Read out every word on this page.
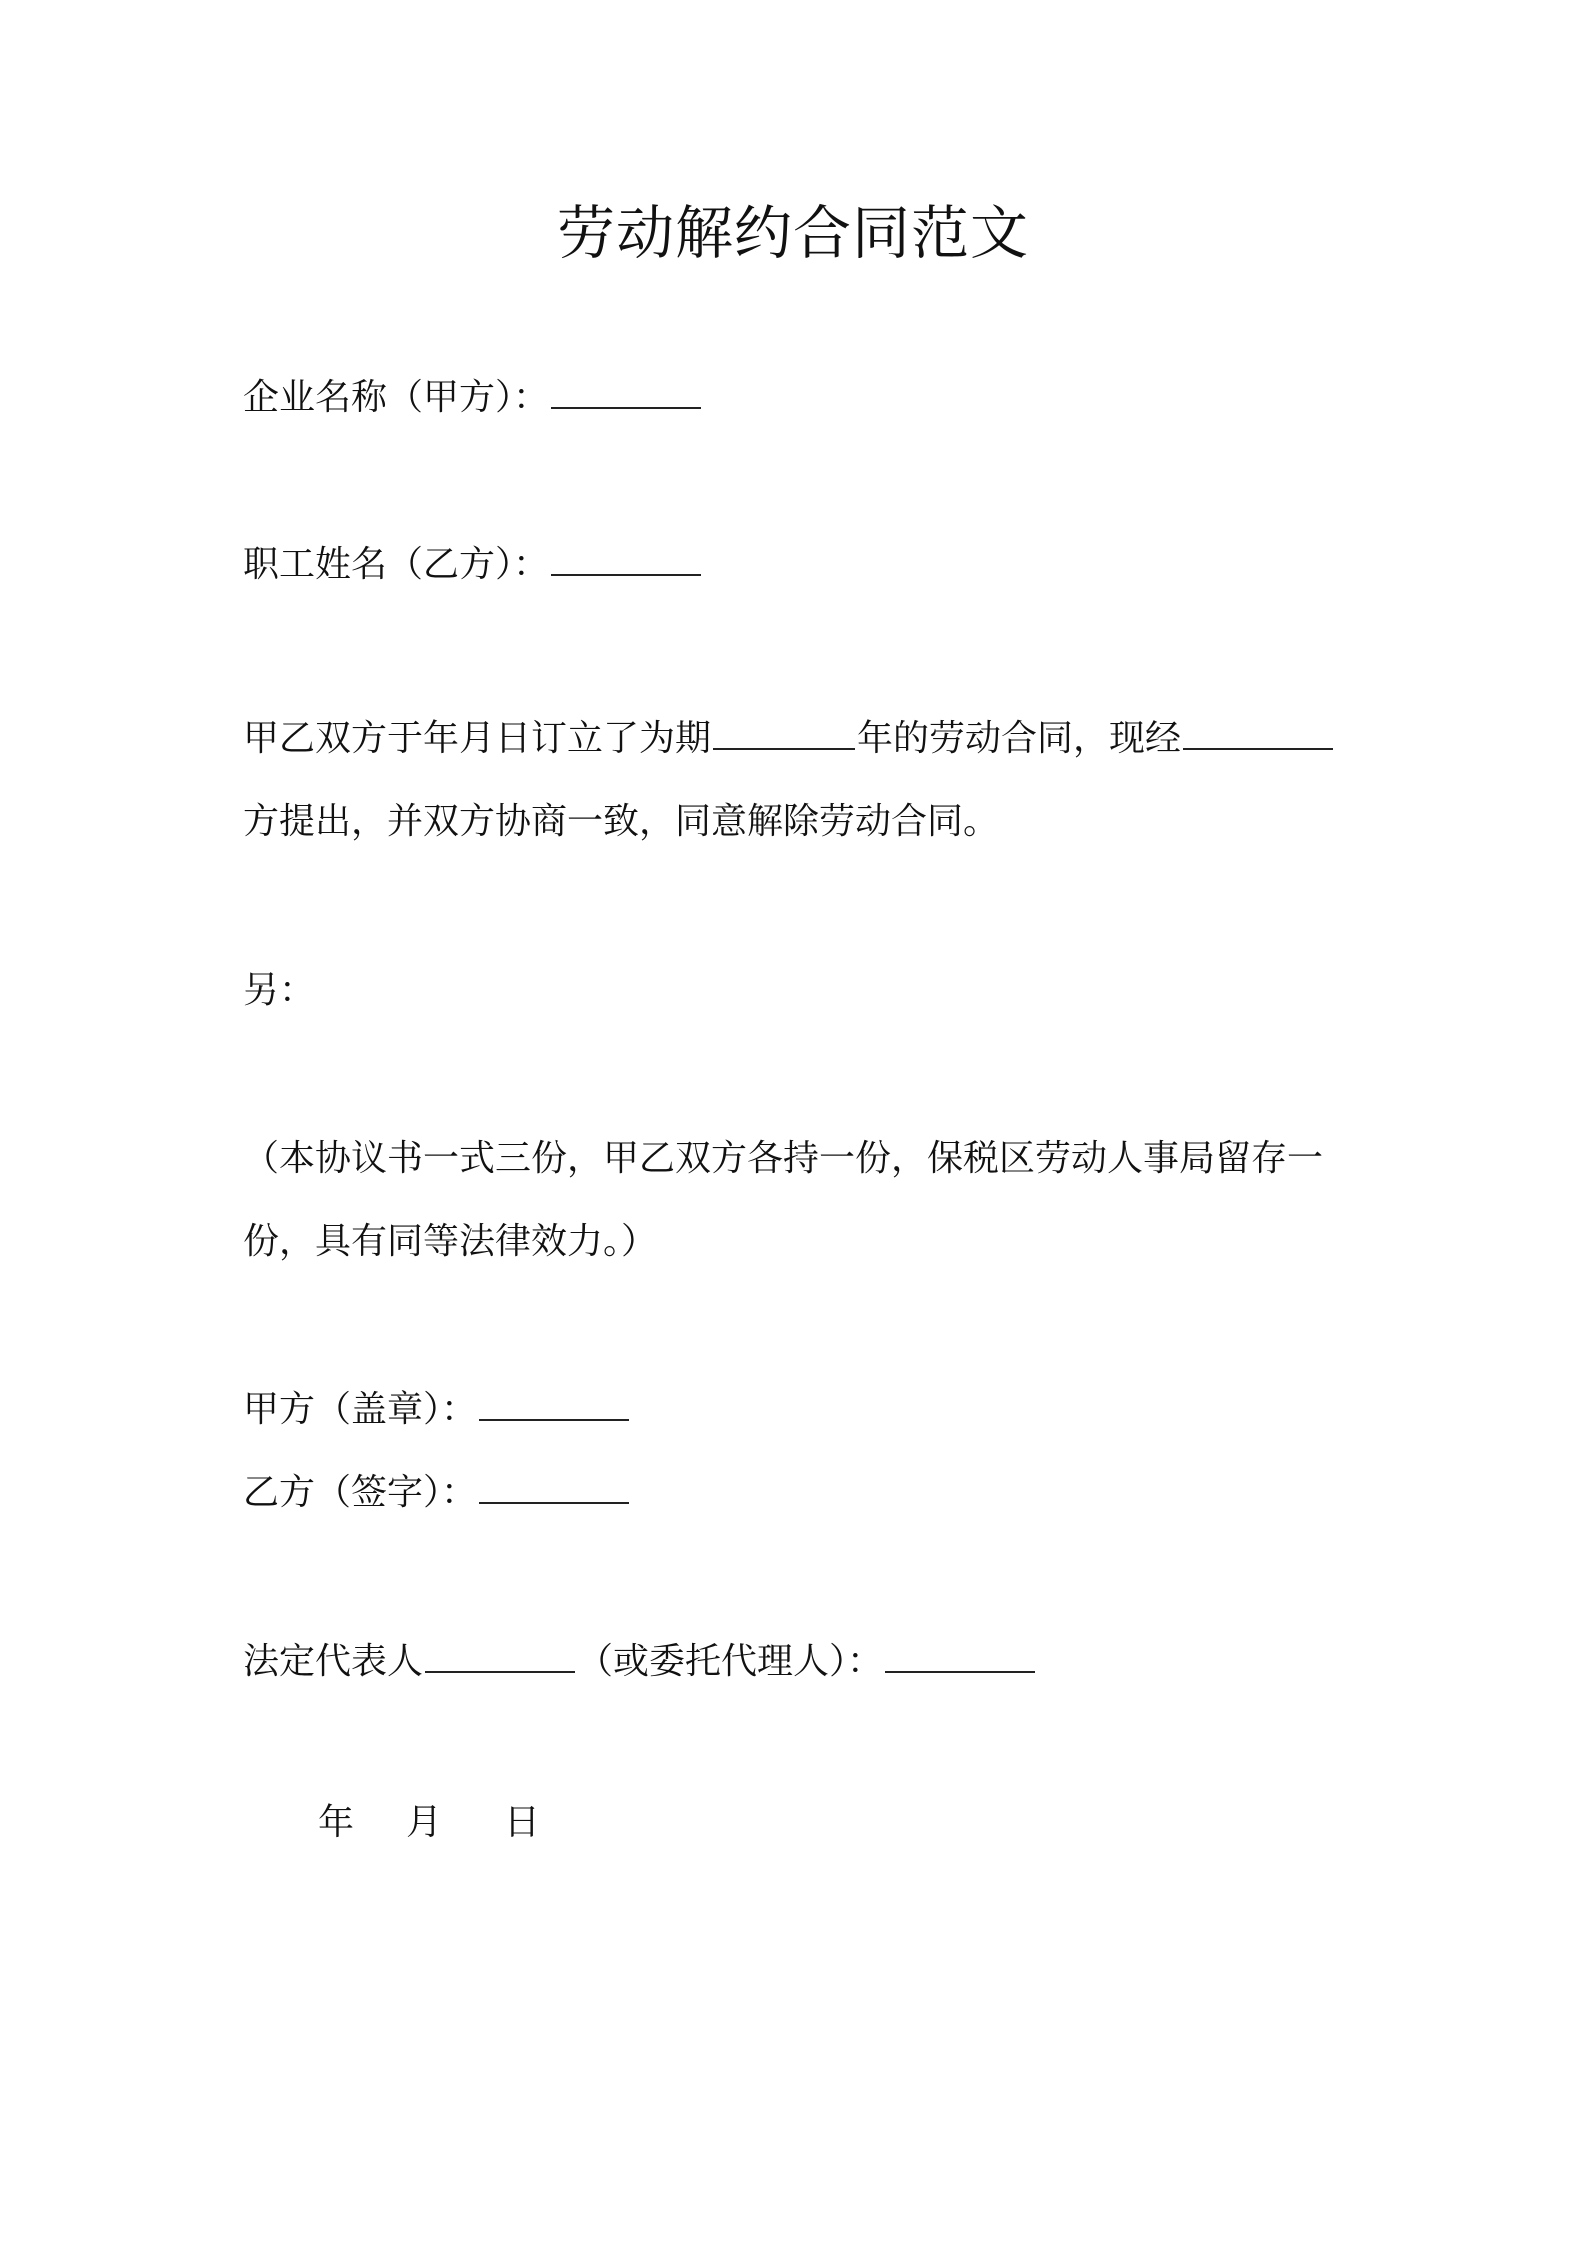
劳动解约合同范文
企业名称（甲方）：
职工姓名（乙方）：
甲乙双方于年月日订立了为期	年的劳动合同，现经
方提出，并双方协商一致，同意解除劳动合同。
另：
（本协议书一式三份，甲乙双方各持一份，保税区劳动人事局留存一
份，具有同等法律效力。）
甲方（盖章）：
乙方（签字）：
法定代表人	（或委托代理人）：
年 月 日
